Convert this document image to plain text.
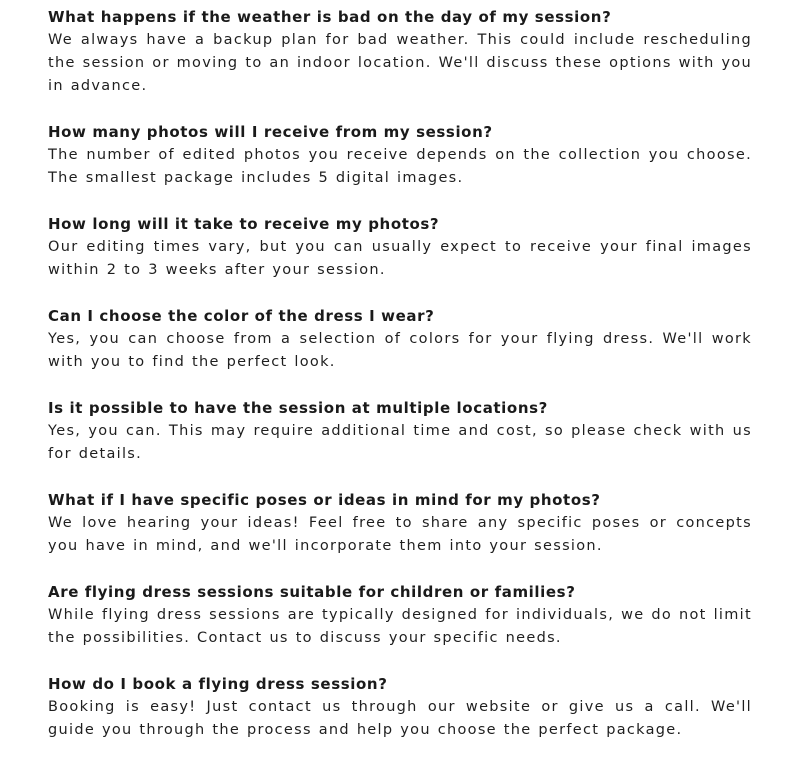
What happens if the weather is bad on the day of my session?

We always have a backup plan for bad weather. This could include rescheduling the session or moving to an indoor location. We'll discuss these options with you in advance.

How many photos will I receive from my session?

The number of edited photos you receive depends on the collection you choose. The smallest package includes 5 digital images.

How long will it take to receive my photos?

Our editing times vary, but you can usually expect to receive your final images within 2 to 3 weeks after your session.

Can I choose the color of the dress I wear?

Yes, you can choose from a selection of colors for your flying dress. We'll work with you to find the perfect look.

Is it possible to have the session at multiple locations?

Yes, you can. This may require additional time and cost, so please check with us for details.

What if I have specific poses or ideas in mind for my photos?

We love hearing your ideas! Feel free to share any specific poses or concepts you have in mind, and we'll incorporate them into your session.

Are flying dress sessions suitable for children or families?

While flying dress sessions are typically designed for individuals, we do not limit the possibilities. Contact us to discuss your specific needs.

How do I book a flying dress session?

Booking is easy! Just contact us through our website or give us a call. We'll guide you through the process and help you choose the perfect package.
